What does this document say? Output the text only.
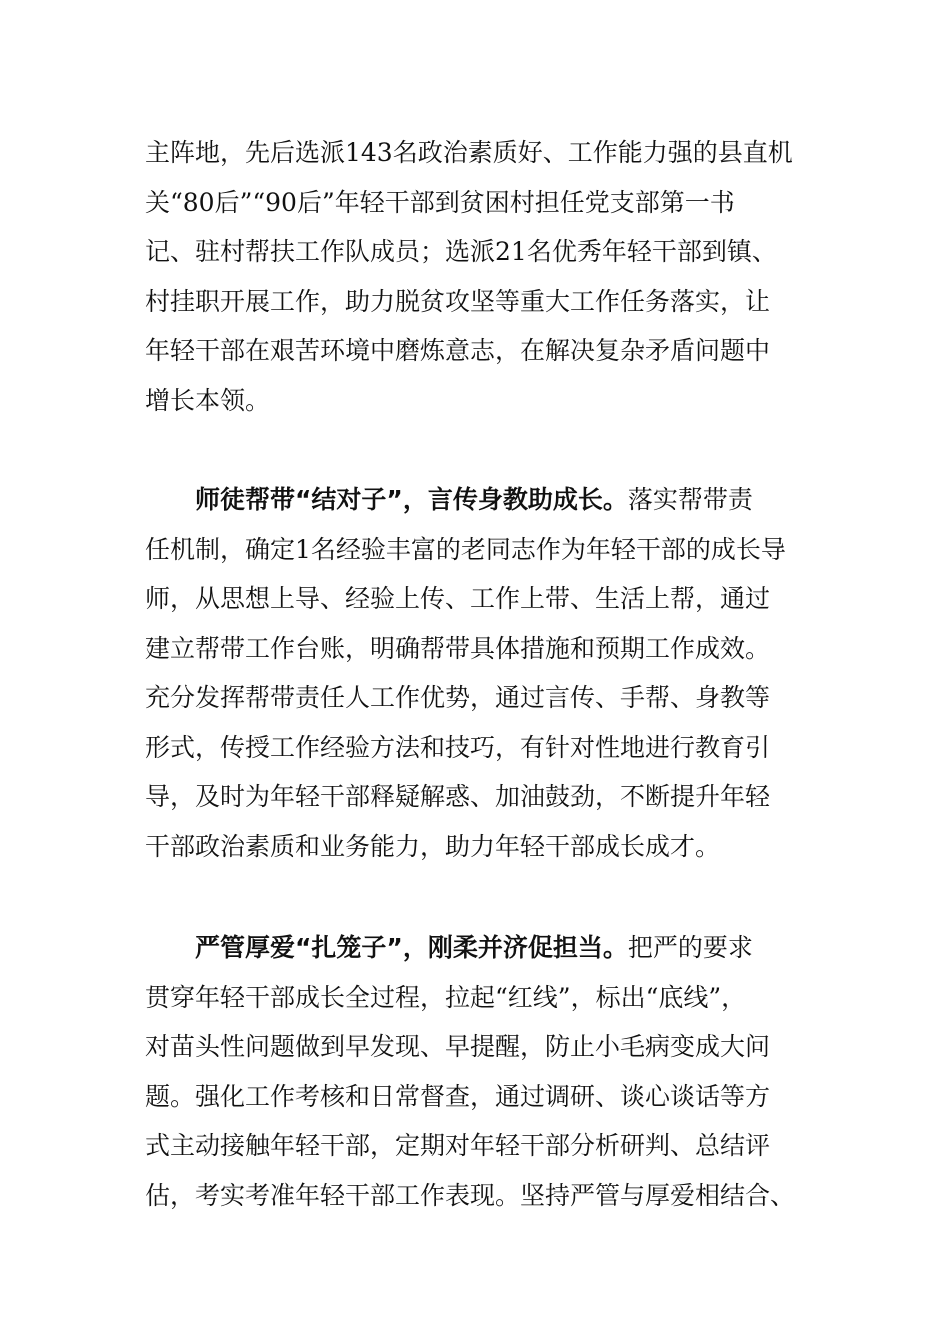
主阵地，先后选派143名政治素质好、工作能力强的县直机
关“80后”“90后”年轻干部到贫困村担任党支部第一书
记、驻村帮扶工作队成员；选派21名优秀年轻干部到镇、
村挂职开展工作，助力脱贫攻坚等重大工作任务落实，让
年轻干部在艰苦环境中磨炼意志，在解决复杂矛盾问题中
增长本领。
师徒帮带“结对子”，言传身教助成长。落实帮带责
任机制，确定1名经验丰富的老同志作为年轻干部的成长导
师，从思想上导、经验上传、工作上带、生活上帮，通过
建立帮带工作台账，明确帮带具体措施和预期工作成效。
充分发挥帮带责任人工作优势，通过言传、手帮、身教等
形式，传授工作经验方法和技巧，有针对性地进行教育引
导，及时为年轻干部释疑解惑、加油鼓劲，不断提升年轻
干部政治素质和业务能力，助力年轻干部成长成才。
严管厚爱“扎笼子”，刚柔并济促担当。把严的要求
贯穿年轻干部成长全过程，拉起“红线”，标出“底线”，
对苗头性问题做到早发现、早提醒，防止小毛病变成大问
题。强化工作考核和日常督查，通过调研、谈心谈话等方
式主动接触年轻干部，定期对年轻干部分析研判、总结评
估，考实考准年轻干部工作表现。坚持严管与厚爱相结合、
